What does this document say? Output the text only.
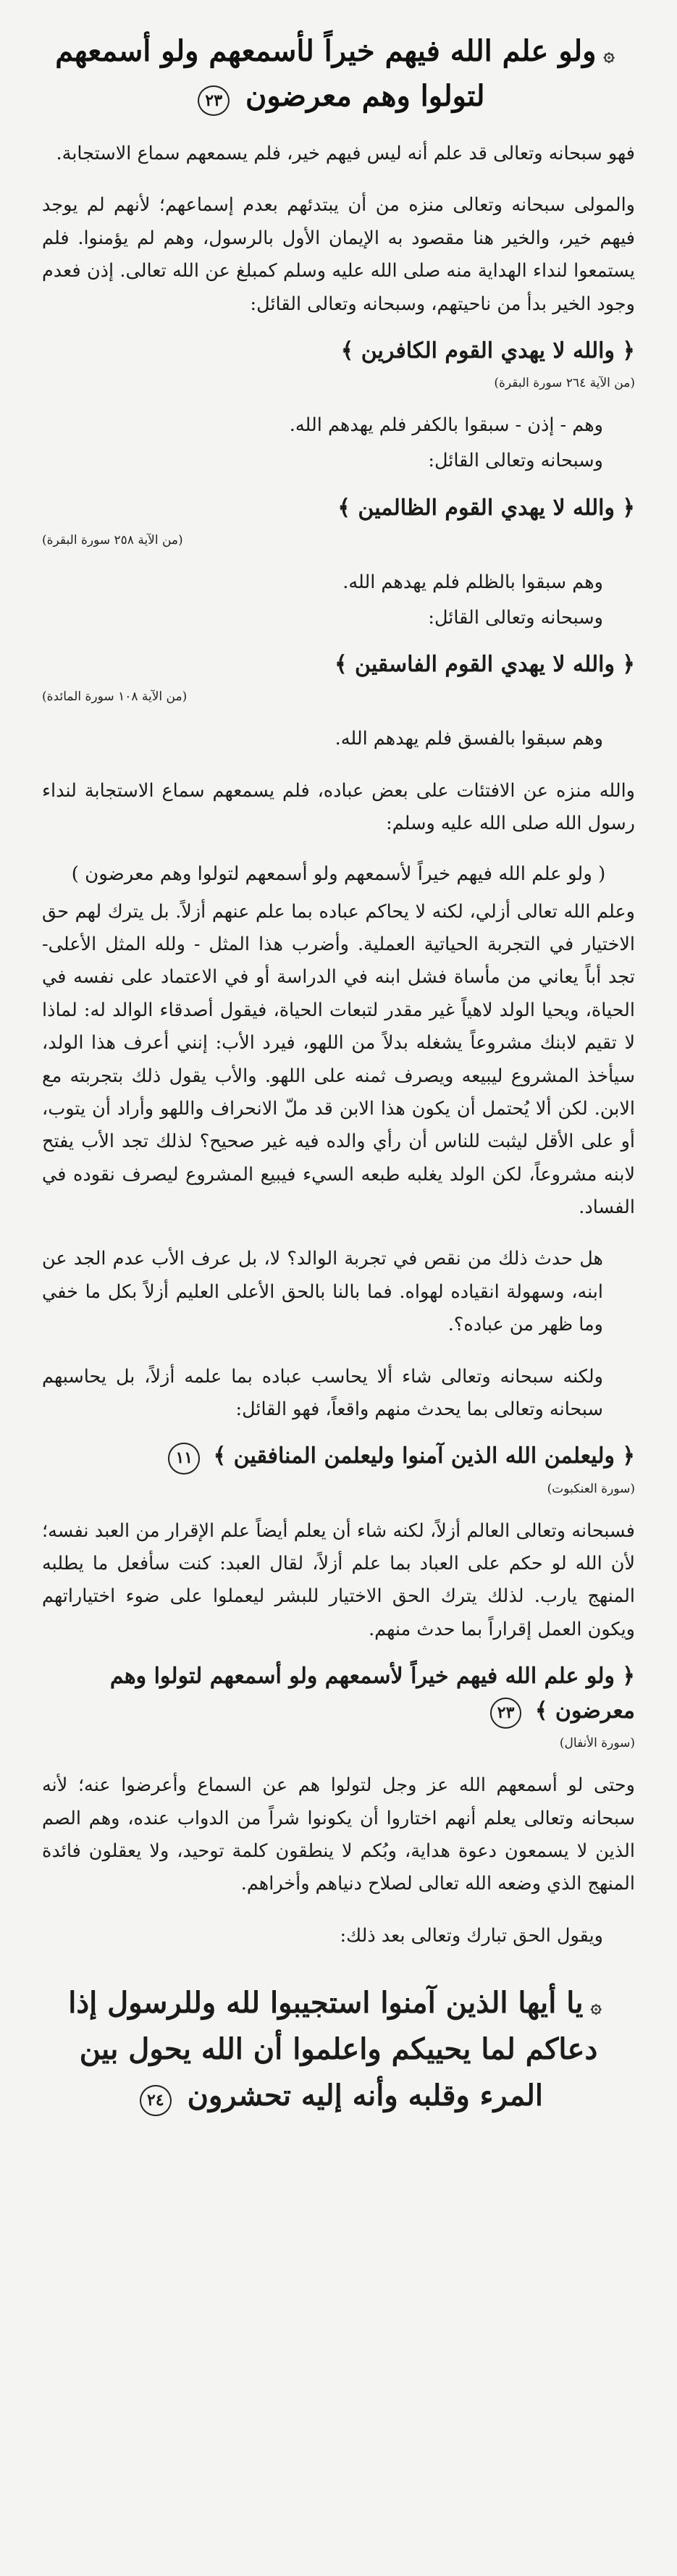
۞ولو علم الله فيهم خيراً لأسمعهم ولو أسمعهم
لتولوا وهم معرضون ٢٣

فهو سبحانه وتعالى قد علم أنه ليس فيهم خير، فلم يسمعهم سماع الاستجابة.

والمولى سبحانه وتعالى منزه من أن يبتدئهم بعدم إسماعهم؛ لأنهم لم يوجد فيهم خير، والخير هنا مقصود به الإيمان الأول بالرسول، وهم لم يؤمنوا. فلم يستمعوا لنداء الهداية منه صلى الله عليه وسلم كمبلغ عن الله تعالى. إذن فعدم وجود الخير بدأ من ناحيتهم، وسبحانه وتعالى القائل:

﴿ والله لا يهدي القوم الكافرين ﴾
(من الآية ٢٦٤ سورة البقرة)

وهم - إذن - سبقوا بالكفر فلم يهدهم الله.

وسبحانه وتعالى القائل:

﴿ والله لا يهدي القوم الظالمين ﴾
(من الآية ٢٥٨ سورة البقرة)

وهم سبقوا بالظلم فلم يهدهم الله.

وسبحانه وتعالى القائل:

﴿ والله لا يهدي القوم الفاسقين ﴾
(من الآية ١٠٨ سورة المائدة)

وهم سبقوا بالفسق فلم يهدهم الله.

والله منزه عن الافتئات على بعض عباده، فلم يسمعهم سماع الاستجابة لنداء رسول الله صلى الله عليه وسلم:

( ولو علم الله فيهم خيراً لأسمعهم ولو أسمعهم لتولوا وهم معرضون )

وعلم الله تعالى أزلي، لكنه لا يحاكم عباده بما علم عنهم أزلاً. بل يترك لهم حق الاختيار في التجربة الحياتية العملية. وأضرب هذا المثل - ولله المثل الأعلى- تجد أباً يعاني من مأساة فشل ابنه في الدراسة أو في الاعتماد على نفسه في الحياة، ويحيا الولد لاهياً غير مقدر لتبعات الحياة، فيقول أصدقاء الوالد له: لماذا لا تقيم لابنك مشروعاً يشغله بدلاً من اللهو، فيرد الأب: إنني أعرف هذا الولد، سيأخذ المشروع ليبيعه ويصرف ثمنه على اللهو. والأب يقول ذلك بتجربته مع الابن. لكن ألا يُحتمل أن يكون هذا الابن قد ملّ الانحراف واللهو وأراد أن يتوب، أو على الأقل ليثبت للناس أن رأي والده فيه غير صحيح؟ لذلك تجد الأب يفتح لابنه مشروعاً، لكن الولد يغلبه طبعه السيء فيبيع المشروع ليصرف نقوده في الفساد.

هل حدث ذلك من نقص في تجربة الوالد؟ لا، بل عرف الأب عدم الجد عن ابنه، وسهولة انقياده لهواه. فما بالنا بالحق الأعلى العليم أزلاً بكل ما خفي وما ظهر من عباده؟.

ولكنه سبحانه وتعالى شاء ألا يحاسب عباده بما علمه أزلاً، بل يحاسبهم سبحانه وتعالى بما يحدث منهم واقعاً، فهو القائل:

﴿ وليعلمن الله الذين آمنوا وليعلمن المنافقين ﴾ ١١
(سورة العنكبوت)

فسبحانه وتعالى العالم أزلاً، لكنه شاء أن يعلم أيضاً علم الإقرار من العبد نفسه؛ لأن الله لو حكم على العباد بما علم أزلاً، لقال العبد: كنت سأفعل ما يطلبه المنهج يارب. لذلك يترك الحق الاختيار للبشر ليعملوا على ضوء اختياراتهم ويكون العمل إقراراً بما حدث منهم.

﴿ ولو علم الله فيهم خيراً لأسمعهم ولو أسمعهم لتولوا وهم معرضون ﴾ ٢٣
(سورة الأنفال)

وحتى لو أسمعهم الله عز وجل لتولوا هم عن السماع وأعرضوا عنه؛ لأنه سبحانه وتعالى يعلم أنهم اختاروا أن يكونوا شراً من الدواب عنده، وهم الصم الذين لا يسمعون دعوة هداية، وبُكم لا ينطقون كلمة توحيد، ولا يعقلون فائدة المنهج الذي وضعه الله تعالى لصلاح دنياهم وأخراهم.

ويقول الحق تبارك وتعالى بعد ذلك:

۞يا أيها الذين آمنوا استجيبوا لله وللرسول إذا
دعاكم لما يحييكم واعلموا أن الله يحول بين
المرء وقلبه وأنه إليه تحشرون ٢٤
